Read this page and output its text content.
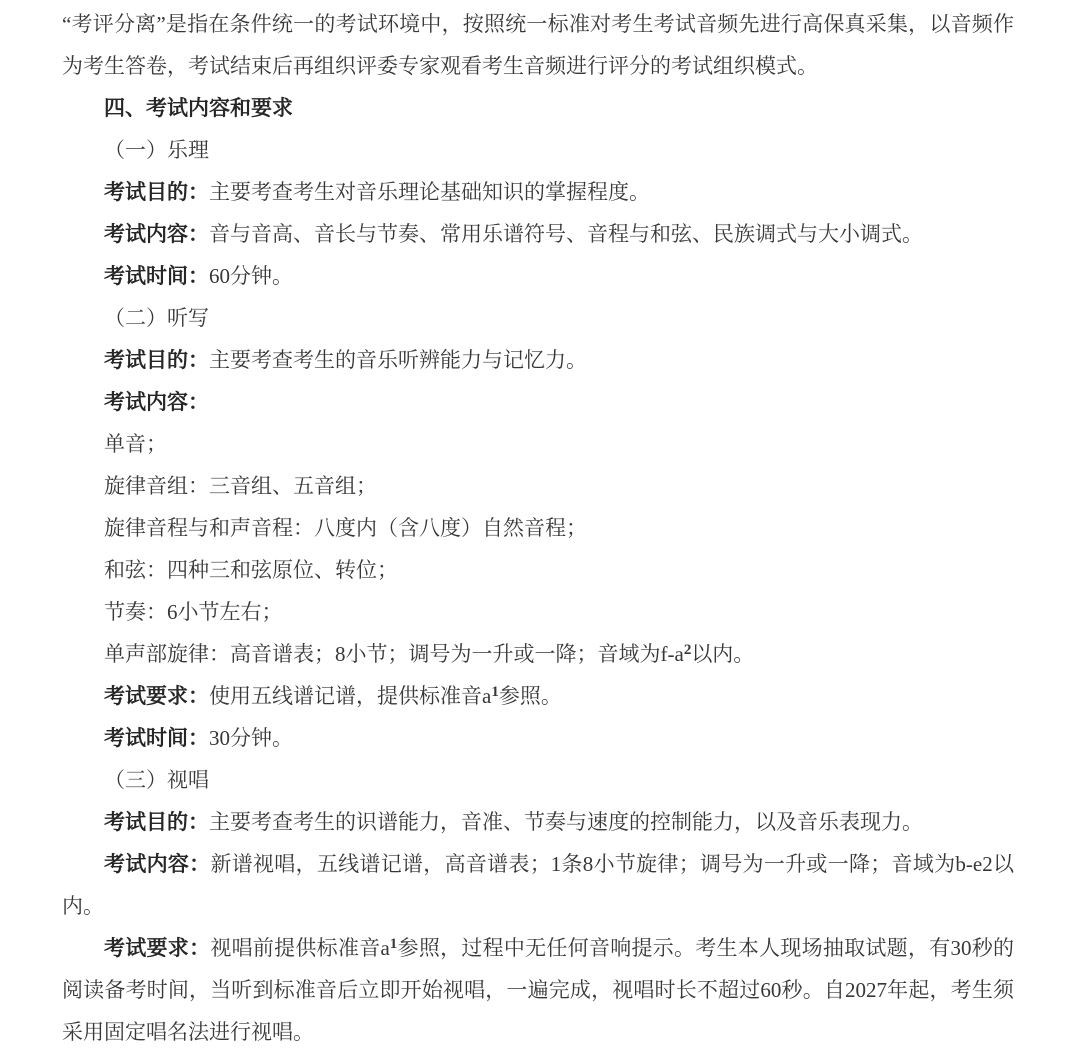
“考评分离”是指在条件统一的考试环境中，按照统一标准对考生考试音频先进行高保真采集，以音频作为考生答卷，考试结束后再组织评委专家观看考生音频进行评分的考试组织模式。

四、考试内容和要求

（一）乐理

考试目的：主要考查考生对音乐理论基础知识的掌握程度。

考试内容：音与音高、音长与节奏、常用乐谱符号、音程与和弦、民族调式与大小调式。

考试时间：60分钟。

（二）听写

考试目的：主要考查考生的音乐听辨能力与记忆力。

考试内容：

单音；

旋律音组：三音组、五音组；

旋律音程与和声音程：八度内（含八度）自然音程；

和弦：四种三和弦原位、转位；

节奏：6小节左右；

单声部旋律：高音谱表；8小节；调号为一升或一降；音域为$f-a^2$以内。

考试要求：使用五线谱记谱，提供标准音$a^1$参照。

考试时间：30分钟。

（三）视唱

考试目的：主要考查考生的识谱能力，音准、节奏与速度的控制能力，以及音乐表现力。

考试内容：新谱视唱，五线谱记谱，高音谱表；1条8小节旋律；调号为一升或一降；音域为b-e2以内。

考试要求：视唱前提供标准音$a^1$参照，过程中无任何音响提示。考生本人现场抽取试题，有30秒的阅读备考时间，当听到标准音后立即开始视唱，一遍完成，视唱时长不超过60秒。自2027年起，考生须采用固定唱名法进行视唱。
